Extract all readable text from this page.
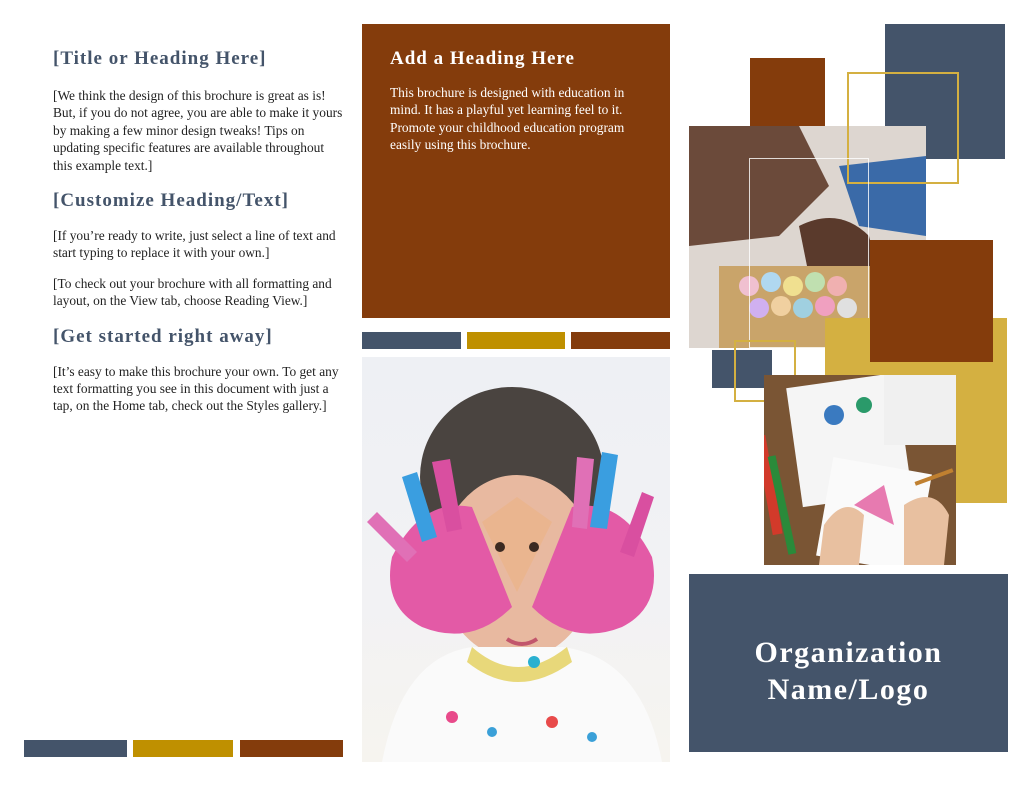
[Title or Heading Here]

[We think the design of this brochure is great as is! But, if you do not agree, you are able to make it yours by making a few minor design tweaks! Tips on updating specific features are available throughout this example text.]

[Customize Heading/Text]

[If you’re ready to write, just select a line of text and start typing to replace it with your own.]

[To check out your brochure with all formatting and layout, on the View tab, choose Reading View.]

[Get started right away]

[It’s easy to make this brochure your own. To get any text formatting you see in this document with just a tap, on the Home tab, check out the Styles gallery.]

Add a Heading Here

This brochure is designed with education in mind. It has a playful yet learning feel to it. Promote your childhood education program easily using this brochure.

Organization
Name/Logo
